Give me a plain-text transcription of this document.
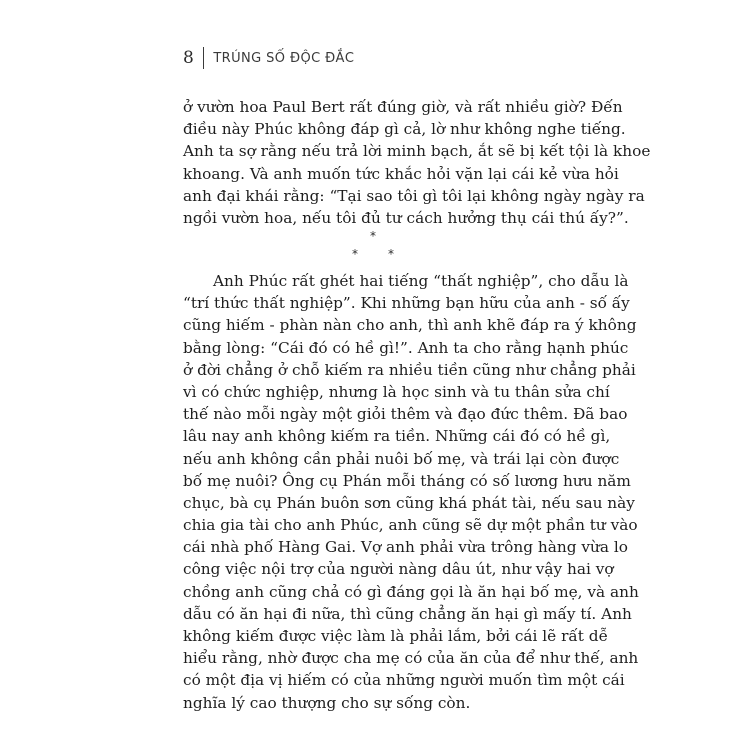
8 TRÚNG SỐ ĐỘC ĐẮC
ở vườn hoa Paul Bert rất đúng giờ, và rất nhiều giờ? Đến
điều này Phúc không đáp gì cả, lờ như không nghe tiếng.
Anh ta sợ rằng nếu trả lời minh bạch, ắt sẽ bị kết tội là khoe
khoang. Và anh muốn tức khắc hỏi vặn lại cái kẻ vừa hỏi
anh đại khái rằng: “Tại sao tôi gì tôi lại không ngày ngày ra
ngồi vườn hoa, nếu tôi đủ tư cách hưởng thụ cái thú ấy?”.
*
*	*
Anh Phúc rất ghét hai tiếng “thất nghiệp”, cho dẫu là
“trí thức thất nghiệp”. Khi những bạn hữu của anh - số ấy
cũng hiếm - phàn nàn cho anh, thì anh khẽ đáp ra ý không
bằng lòng: “Cái đó có hề gì!”. Anh ta cho rằng hạnh phúc
ở đời chẳng ở chỗ kiếm ra nhiều tiền cũng như chẳng phải
vì có chức nghiệp, nhưng là học sinh và tu thân sửa chí
thế nào mỗi ngày một giỏi thêm và đạo đức thêm. Đã bao
lâu nay anh không kiếm ra tiền. Những cái đó có hề gì,
nếu anh không cần phải nuôi bố mẹ, và trái lại còn được
bố mẹ nuôi? Ông cụ Phán mỗi tháng có số lương hưu năm
chục, bà cụ Phán buôn sơn cũng khá phát tài, nếu sau này
chia gia tài cho anh Phúc, anh cũng sẽ dự một phần tư vào
cái nhà phố Hàng Gai. Vợ anh phải vừa trông hàng vừa lo
công việc nội trợ của người nàng dâu út, như vậy hai vợ
chồng anh cũng chả có gì đáng gọi là ăn hại bố mẹ, và anh
dẫu có ăn hại đi nữa, thì cũng chẳng ăn hại gì mấy tí. Anh
không kiếm được việc làm là phải lắm, bởi cái lẽ rất dễ
hiểu rằng, nhờ được cha mẹ có của ăn của để như thế, anh
có một địa vị hiếm có của những người muốn tìm một cái
nghĩa lý cao thượng cho sự sống còn.
